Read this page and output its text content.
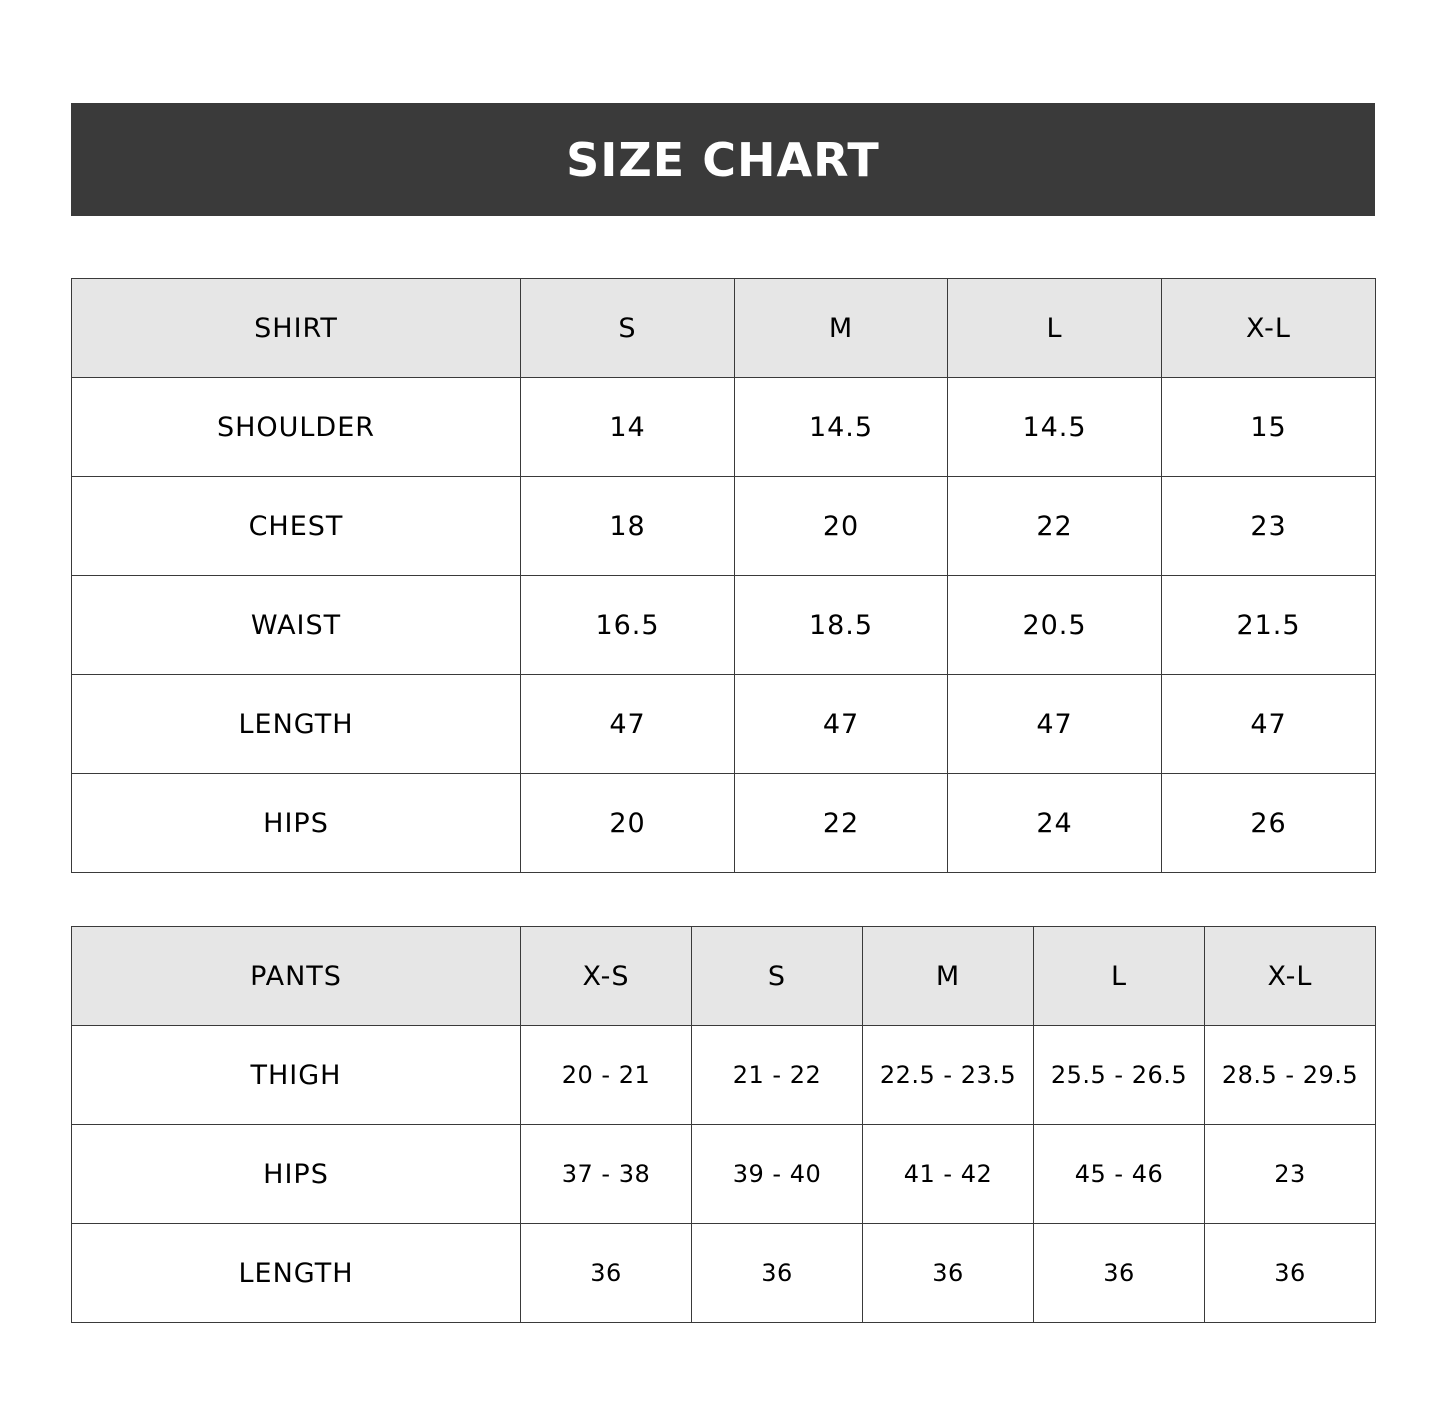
SIZE CHART
SHIRT	S	M	L	X-L
SHOULDER	14	14.5	14.5	15
CHEST	18	20	22	23
WAIST	16.5	18.5	20.5	21.5
LENGTH	47	47	47	47
HIPS	20	22	24	26
PANTS	X-S	S	M	L	X-L
THIGH	20 - 21	21 - 22	22.5 - 23.5	25.5 - 26.5	28.5 - 29.5
HIPS	37 - 38	39 - 40	41 - 42	45 - 46	23
LENGTH	36	36	36	36	36
